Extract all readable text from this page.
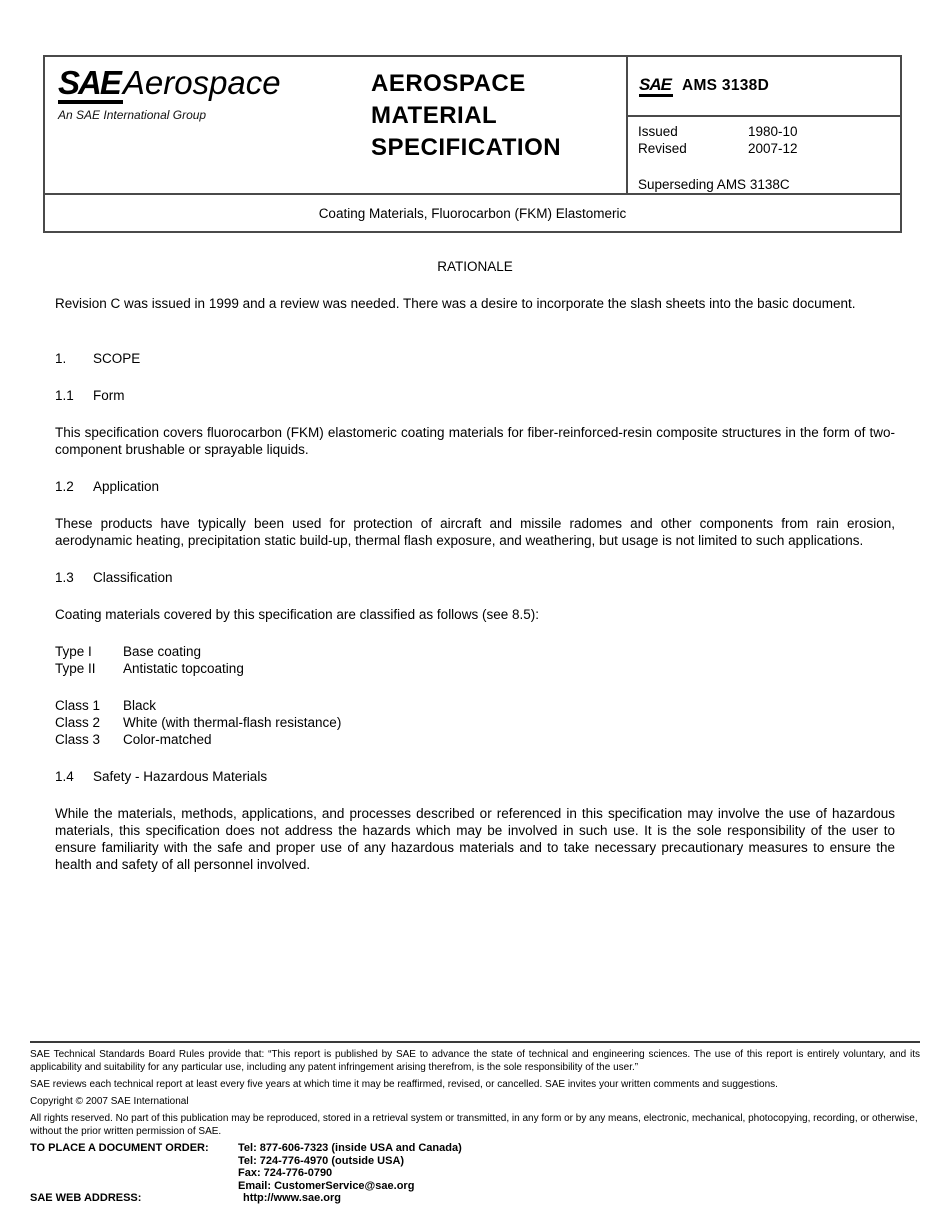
SAEAerospace
An SAE International Group
AEROSPACE
MATERIAL
SPECIFICATION
SAE AMS 3138D
Issued	1980-10
Revised	2007-12
Superseding AMS 3138C
Coating Materials, Fluorocarbon (FKM) Elastomeric
RATIONALE
Revision C was issued in 1999 and a review was needed. There was a desire to incorporate the slash sheets into the basic document.
1. SCOPE
1.1 Form
This specification covers fluorocarbon (FKM) elastomeric coating materials for fiber-reinforced-resin composite structures in the form of two-component brushable or sprayable liquids.
1.2 Application
These products have typically been used for protection of aircraft and missile radomes and other components from rain erosion, aerodynamic heating, precipitation static build-up, thermal flash exposure, and weathering, but usage is not limited to such applications.
1.3 Classification
Coating materials covered by this specification are classified as follows (see 8.5):
Type I Base coating
Type II Antistatic topcoating
Class 1 Black
Class 2 White (with thermal-flash resistance)
Class 3 Color-matched
1.4 Safety - Hazardous Materials
While the materials, methods, applications, and processes described or referenced in this specification may involve the use of hazardous materials, this specification does not address the hazards which may be involved in such use. It is the sole responsibility of the user to ensure familiarity with the safe and proper use of any hazardous materials and to take necessary precautionary measures to ensure the health and safety of all personnel involved.

SAE Technical Standards Board Rules provide that: “This report is published by SAE to advance the state of technical and engineering sciences. The use of this report is entirely voluntary, and its applicability and suitability for any particular use, including any patent infringement arising therefrom, is the sole responsibility of the user.”

SAE reviews each technical report at least every five years at which time it may be reaffirmed, revised, or cancelled. SAE invites your written comments and suggestions.

Copyright © 2007 SAE International

All rights reserved. No part of this publication may be reproduced, stored in a retrieval system or transmitted, in any form or by any means, electronic, mechanical, photocopying, recording, or otherwise, without the prior written permission of SAE.

TO PLACE A DOCUMENT ORDER:	Tel: 877-606-7323 (inside USA and Canada)
Tel: 724-776-4970 (outside USA)
Fax: 724-776-0790
Email: CustomerService@sae.org
SAE WEB ADDRESS:	http://www.sae.org
